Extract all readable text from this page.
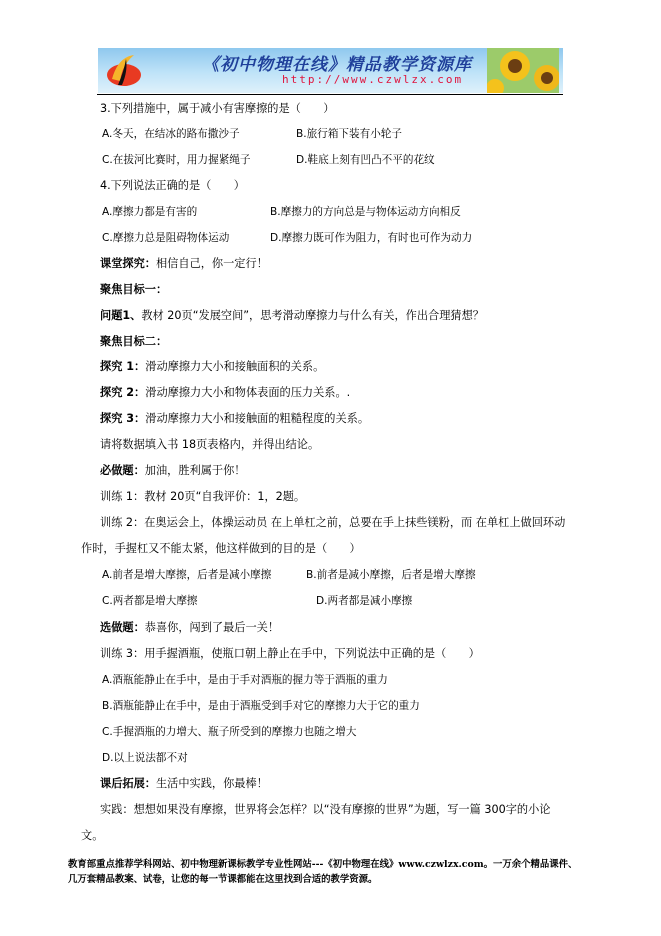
《初中物理在线》精品教学资源库
http://www.czwlzx.com
3.下列措施中，属于减小有害摩擦的是（　　）
A.冬天，在结冰的路布撒沙子	B.旅行箱下装有小轮子
C.在拔河比赛时，用力握紧绳子	D.鞋底上刻有凹凸不平的花纹
4.下列说法正确的是（　　）
A.摩擦力都是有害的	B.摩擦力的方向总是与物体运动方向相反
C.摩擦力总是阻碍物体运动	D.摩擦力既可作为阻力，有时也可作为动力
课堂探究：相信自己，你一定行！
聚焦目标一：
问题1、教材 20页“发展空间”，思考滑动摩擦力与什么有关，作出合理猜想？
聚焦目标二：
探究 1：滑动摩擦力大小和接触面积的关系。
探究 2：滑动摩擦力大小和物体表面的压力关系。.
探究 3：滑动摩擦力大小和接触面的粗糙程度的关系。
请将数据填入书 18页表格内，并得出结论。
必做题：加油，胜利属于你！
训练 1：教材 20页“自我评价：1，2题。
训练 2：在奥运会上，体操运动员 在上单杠之前，总要在手上抹些镁粉，而 在单杠上做回环动
作时，手握杠又不能太紧，他这样做到的目的是（　　）
A.前者是增大摩擦，后者是减小摩擦	B.前者是减小摩擦，后者是增大摩擦
C.两者都是增大摩擦	D.两者都是减小摩擦
选做题：恭喜你，闯到了最后一关！
训练 3：用手握酒瓶，使瓶口朝上静止在手中，下列说法中正确的是（　　）
A.酒瓶能静止在手中，是由于手对酒瓶的握力等于酒瓶的重力
B.酒瓶能静止在手中，是由于酒瓶受到手对它的摩擦力大于它的重力
C.手握酒瓶的力增大、瓶子所受到的摩擦力也随之增大
D.以上说法都不对
课后拓展：生活中实践，你最棒！
实践：想想如果没有摩擦，世界将会怎样？以“没有摩擦的世界”为题，写一篇 300字的小论
文。
教育部重点推荐学科网站、初中物理新课标教学专业性网站---《初中物理在线》www.czwlzx.com。一万余个精品课件、
几万套精品教案、试卷，让您的每一节课都能在这里找到合适的教学资源。
